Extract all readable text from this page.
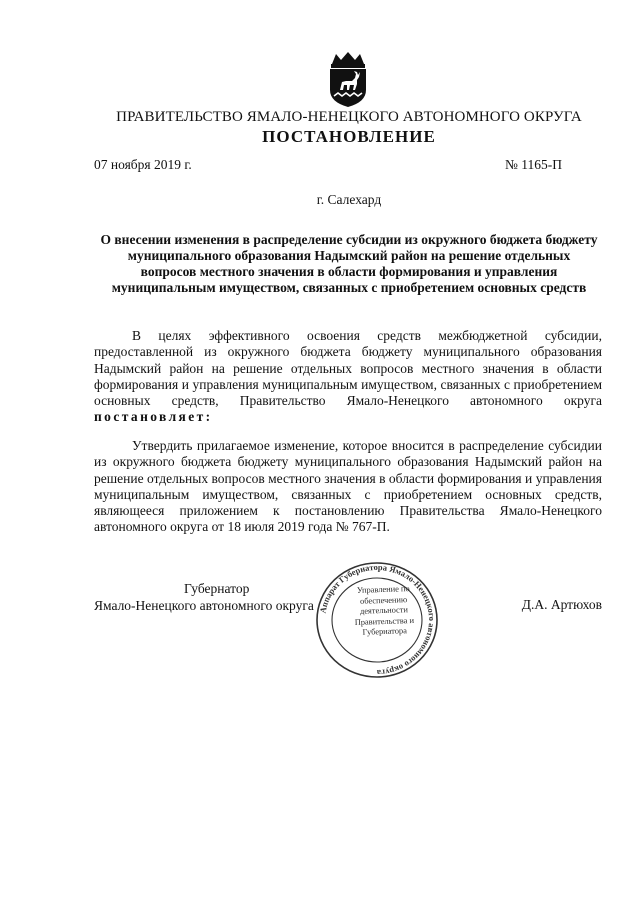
ПРАВИТЕЛЬСТВО ЯМАЛО-НЕНЕЦКОГО АВТОНОМНОГО ОКРУГА
ПОСТАНОВЛЕНИЕ
07 ноября 2019 г.	№ 1165-П
г. Салехард
О внесении изменения в распределение субсидии из окружного бюджета бюджету муниципального образования Надымский район на решение отдельных вопросов местного значения в области формирования и управления муниципальным имуществом, связанных с приобретением основных средств
В целях эффективного освоения средств межбюджетной субсидии, предоставленной из окружного бюджета бюджету муниципального образования Надымский район на решение отдельных вопросов местного значения в области формирования и управления муниципальным имуществом, связанных с приобретением основных средств, Правительство Ямало-Ненецкого автономного округа постановляет:
Утвердить прилагаемое изменение, которое вносится в распределение субсидии из окружного бюджета бюджету муниципального образования Надымский район на решение отдельных вопросов местного значения в области формирования и управления муниципальным имуществом, связанных с приобретением основных средств, являющееся приложением к постановлению Правительства Ямало-Ненецкого автономного округа от 18 июля 2019 года № 767-П.
Губернатор
Ямало-Ненецкого автономного округа	Д.А. Артюхов
Аппарат Губернатора Ямало-Ненецкого автономного округа
Управление по обеспечению деятельности Правительства и Губернатора
